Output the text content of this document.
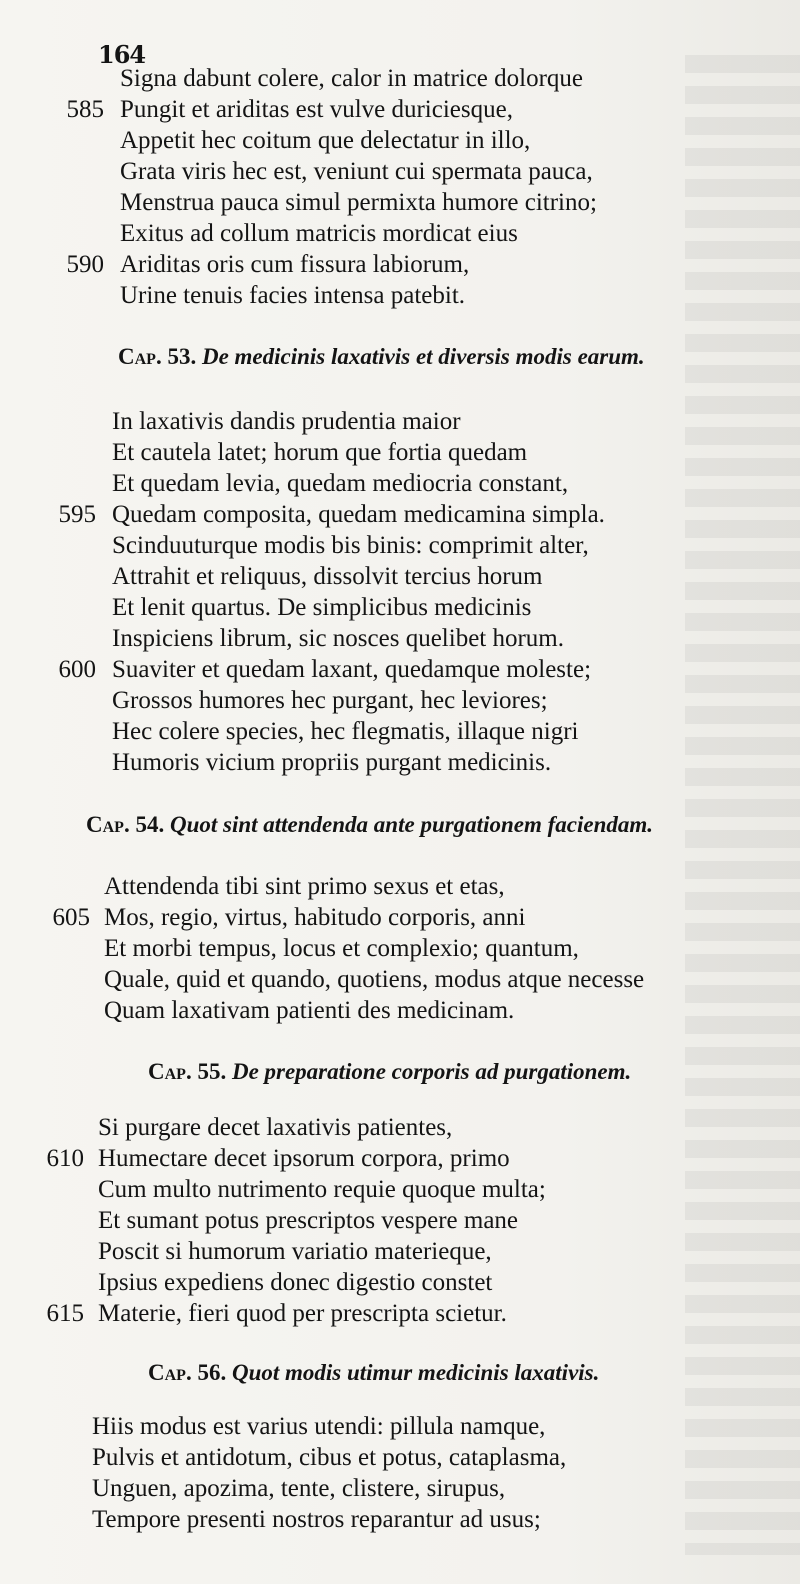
164
Signa dabunt colere, calor in matrice dolorque
585 Pungit et ariditas est vulve duriciesque,
Appetit hec coitum que delectatur in illo,
Grata viris hec est, veniunt cui spermata pauca,
Menstrua pauca simul permixta humore citrino;
Exitus ad collum matricis mordicat eius
590 Ariditas oris cum fissura labiorum,
Urine tenuis facies intensa patebit.
Cap. 53. De medicinis laxativis et diversis modis earum.
In laxativis dandis prudentia maior
Et cautela latet; horum que fortia quedam
Et quedam levia, quedam mediocria constant,
595 Quedam composita, quedam medicamina simpla.
Scinduuturque modis bis binis: comprimit alter,
Attrahit et reliquus, dissolvit tercius horum
Et lenit quartus. De simplicibus medicinis
Inspiciens librum, sic nosces quelibet horum.
600 Suaviter et quedam laxant, quedamque moleste;
Grossos humores hec purgant, hec leviores;
Hec colere species, hec flegmatis, illaque nigri
Humoris vicium propriis purgant medicinis.
Cap. 54. Quot sint attendenda ante purgationem faciendam.
Attendenda tibi sint primo sexus et etas,
605 Mos, regio, virtus, habitudo corporis, anni
Et morbi tempus, locus et complexio; quantum,
Quale, quid et quando, quotiens, modus atque necesse
Quam laxativam patienti des medicinam.
Cap. 55. De preparatione corporis ad purgationem.
Si purgare decet laxativis patientes,
610 Humectare decet ipsorum corpora, primo
Cum multo nutrimento requie quoque multa;
Et sumant potus prescriptos vespere mane
Poscit si humorum variatio materieque,
Ipsius expediens donec digestio constet
615 Materie, fieri quod per prescripta scietur.
Cap. 56. Quot modis utimur medicinis laxativis.
Hiis modus est varius utendi: pillula namque,
Pulvis et antidotum, cibus et potus, cataplasma,
Unguen, apozima, tente, clistere, sirupus,
Tempore presenti nostros reparantur ad usus;
